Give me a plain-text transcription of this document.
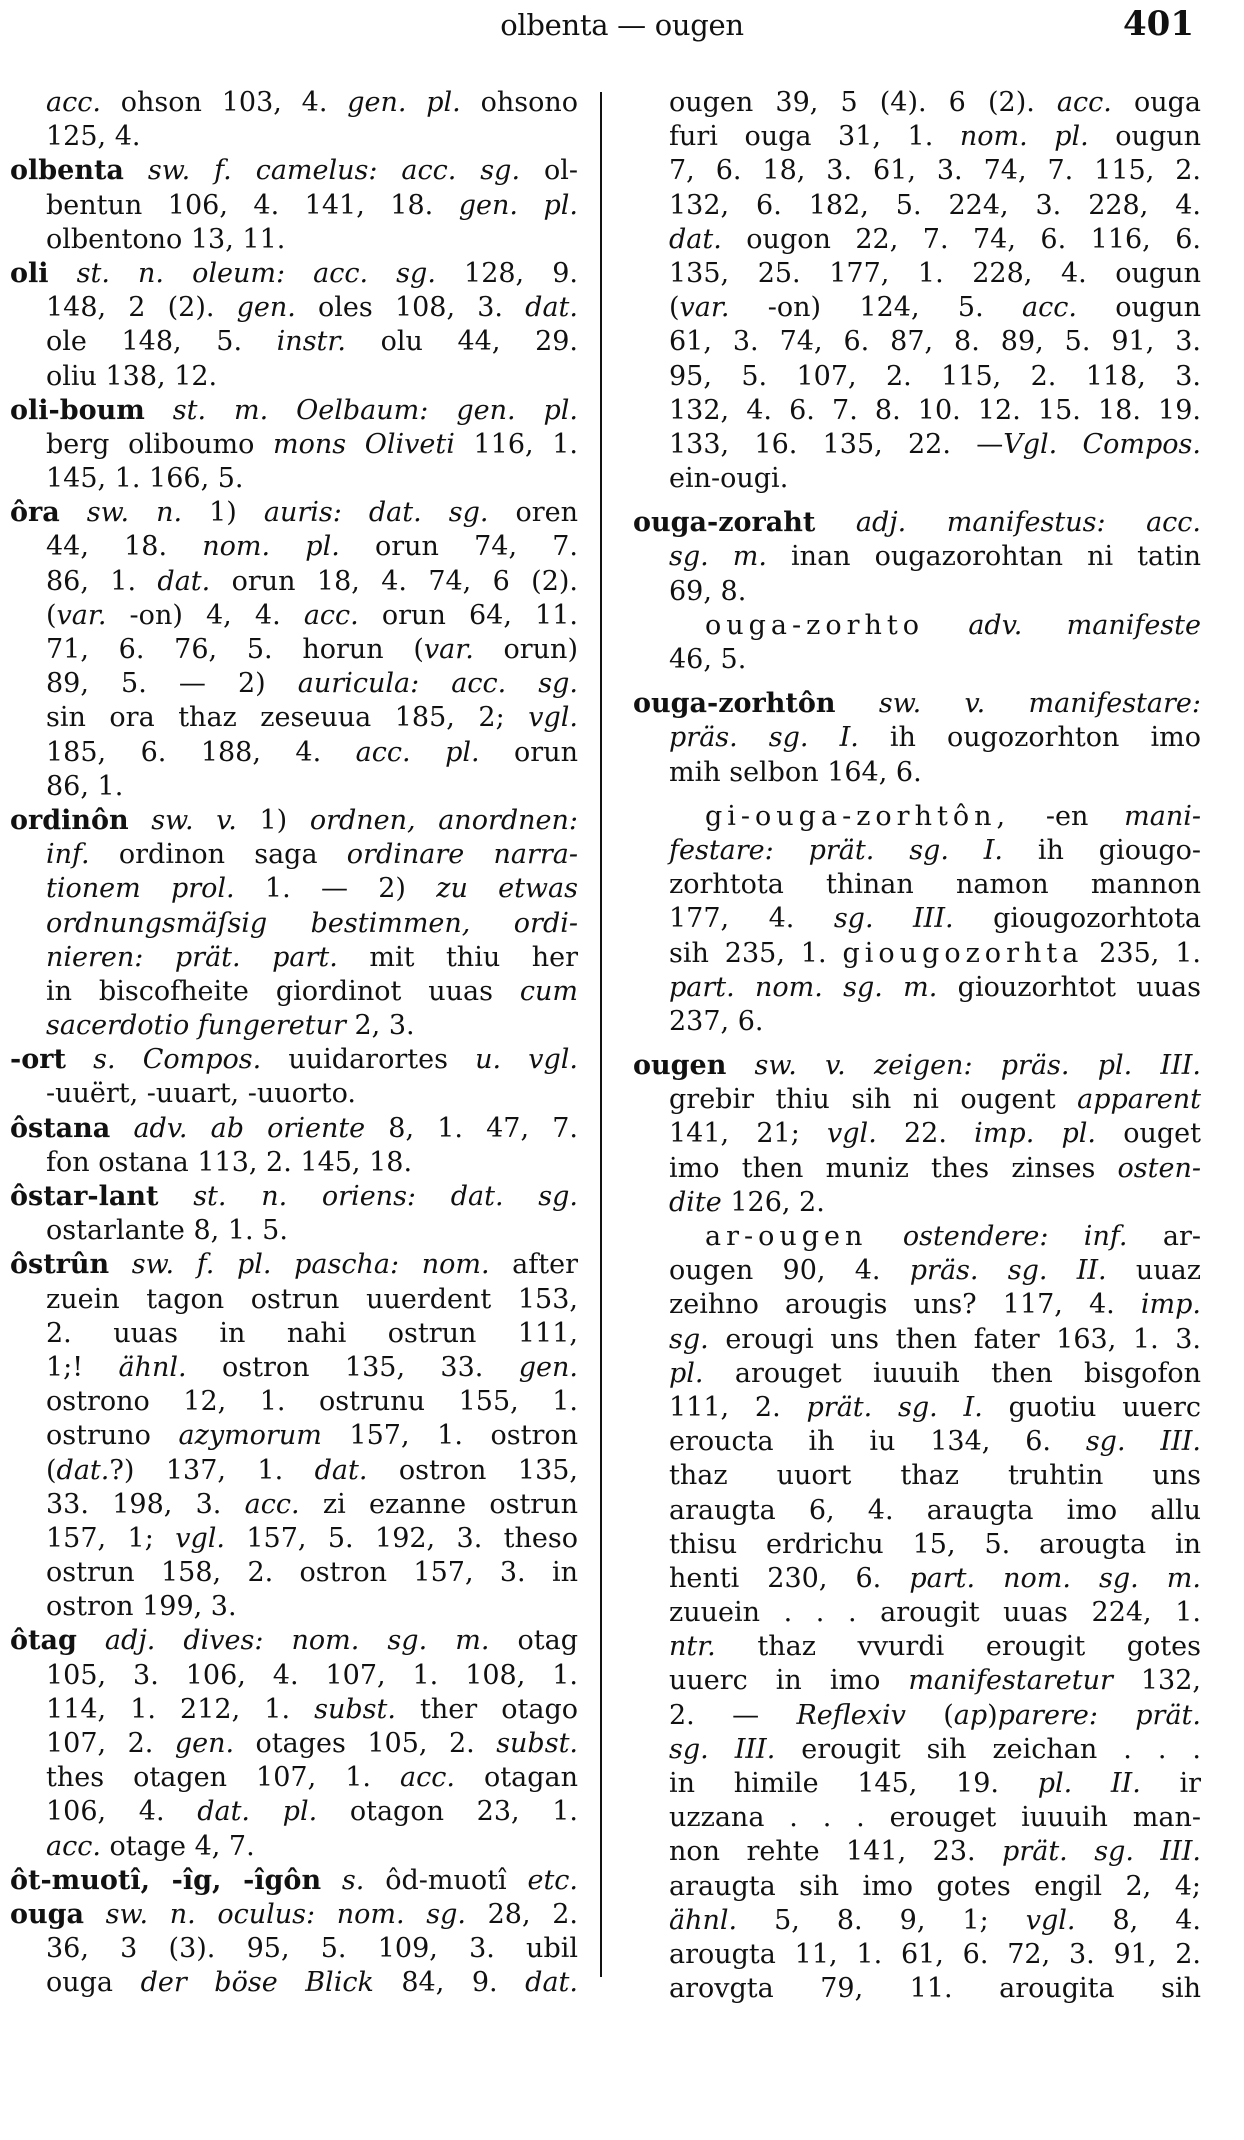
olbenta — ougen	401
acc. ohson 103, 4. gen. pl. ohsono
125, 4.
olbenta sw. f. camelus: acc. sg. ol-
bentun 106, 4. 141, 18. gen. pl.
olbentono 13, 11.
oli st. n. oleum: acc. sg. 128, 9.
148, 2 (2). gen. oles 108, 3. dat.
ole 148, 5. instr. olu 44, 29.
oliu 138, 12.
oli-boum st. m. Oelbaum: gen. pl.
berg oliboumo mons Oliveti 116, 1.
145, 1. 166, 5.
ôra sw. n. 1) auris: dat. sg. oren
44, 18. nom. pl. orun 74, 7.
86, 1. dat. orun 18, 4. 74, 6 (2).
(var. -on) 4, 4. acc. orun 64, 11.
71, 6. 76, 5. horun (var. orun)
89, 5. — 2) auricula: acc. sg.
sin ora thaz zeseuua 185, 2; vgl.
185, 6. 188, 4. acc. pl. orun
86, 1.
ordinôn sw. v. 1) ordnen, anordnen:
inf. ordinon saga ordinare narra-
tionem prol. 1. — 2) zu etwas
ordnungsmäſsig bestimmen, ordi-
nieren: prät. part. mit thiu her
in biscofheite giordinot uuas cum
sacerdotio fungeretur 2, 3.
-ort s. Compos. uuidarortes u. vgl.
-uuërt, -uuart, -uuorto.
ôstana adv. ab oriente 8, 1. 47, 7.
fon ostana 113, 2. 145, 18.
ôstar-lant st. n. oriens: dat. sg.
ostarlante 8, 1. 5.
ôstrûn sw. f. pl. pascha: nom. after
zuein tagon ostrun uuerdent 153,
2. uuas in nahi ostrun 111,
1;! ähnl. ostron 135, 33. gen.
ostrono 12, 1. ostrunu 155, 1.
ostruno azymorum 157, 1. ostron
(dat.?) 137, 1. dat. ostron 135,
33. 198, 3. acc. zi ezanne ostrun
157, 1; vgl. 157, 5. 192, 3. theso
ostrun 158, 2. ostron 157, 3. in
ostron 199, 3.
ôtag adj. dives: nom. sg. m. otag
105, 3. 106, 4. 107, 1. 108, 1.
114, 1. 212, 1. subst. ther otago
107, 2. gen. otages 105, 2. subst.
thes otagen 107, 1. acc. otagan
106, 4. dat. pl. otagon 23, 1.
acc. otage 4, 7.
ôt-muotî, -îg, -îgôn s. ôd-muotî etc.
ouga sw. n. oculus: nom. sg. 28, 2.
36, 3 (3). 95, 5. 109, 3. ubil
ouga der böse Blick 84, 9. dat.
ougen 39, 5 (4). 6 (2). acc. ouga
furi ouga 31, 1. nom. pl. ougun
7, 6. 18, 3. 61, 3. 74, 7. 115, 2.
132, 6. 182, 5. 224, 3. 228, 4.
dat. ougon 22, 7. 74, 6. 116, 6.
135, 25. 177, 1. 228, 4. ougun
(var. -on) 124, 5. acc. ougun
61, 3. 74, 6. 87, 8. 89, 5. 91, 3.
95, 5. 107, 2. 115, 2. 118, 3.
132, 4. 6. 7. 8. 10. 12. 15. 18. 19.
133, 16. 135, 22. —Vgl. Compos.
ein-ougi.
ouga-zoraht adj. manifestus: acc.
sg. m. inan ougazorohtan ni tatin
69, 8.
ouga-zorhto adv. manifeste
46, 5.
ouga-zorhtôn sw. v. manifestare:
präs. sg. I. ih ougozorhton imo
mih selbon 164, 6.
gi-ouga-zorhtôn, -en mani-
festare: prät. sg. I. ih giougo-
zorhtota thinan namon mannon
177, 4. sg. III. giougozorhtota
sih 235, 1. giougozorhta 235, 1.
part. nom. sg. m. giouzorhtot uuas
237, 6.
ougen sw. v. zeigen: präs. pl. III.
grebir thiu sih ni ougent apparent
141, 21; vgl. 22. imp. pl. ouget
imo then muniz thes zinses osten-
dite 126, 2.
ar-ougen ostendere: inf. ar-
ougen 90, 4. präs. sg. II. uuaz
zeihno arougis uns? 117, 4. imp.
sg. erougi uns then fater 163, 1. 3.
pl. arouget iuuuih then bisgofon
111, 2. prät. sg. I. guotiu uuerc
eroucta ih iu 134, 6. sg. III.
thaz uuort thaz truhtin uns
araugta 6, 4. araugta imo allu
thisu erdrichu 15, 5. arougta in
henti 230, 6. part. nom. sg. m.
zuuein . . . arougit uuas 224, 1.
ntr. thaz vvurdi erougit gotes
uuerc in imo manifestaretur 132,
2. — Reflexiv (ap)parere: prät.
sg. III. erougit sih zeichan . . .
in himile 145, 19. pl. II. ir
uzzana . . . erouget iuuuih man-
non rehte 141, 23. prät. sg. III.
araugta sih imo gotes engil 2, 4;
ähnl. 5, 8. 9, 1; vgl. 8, 4.
arougta 11, 1. 61, 6. 72, 3. 91, 2.
arovgta 79, 11. arougita sih
